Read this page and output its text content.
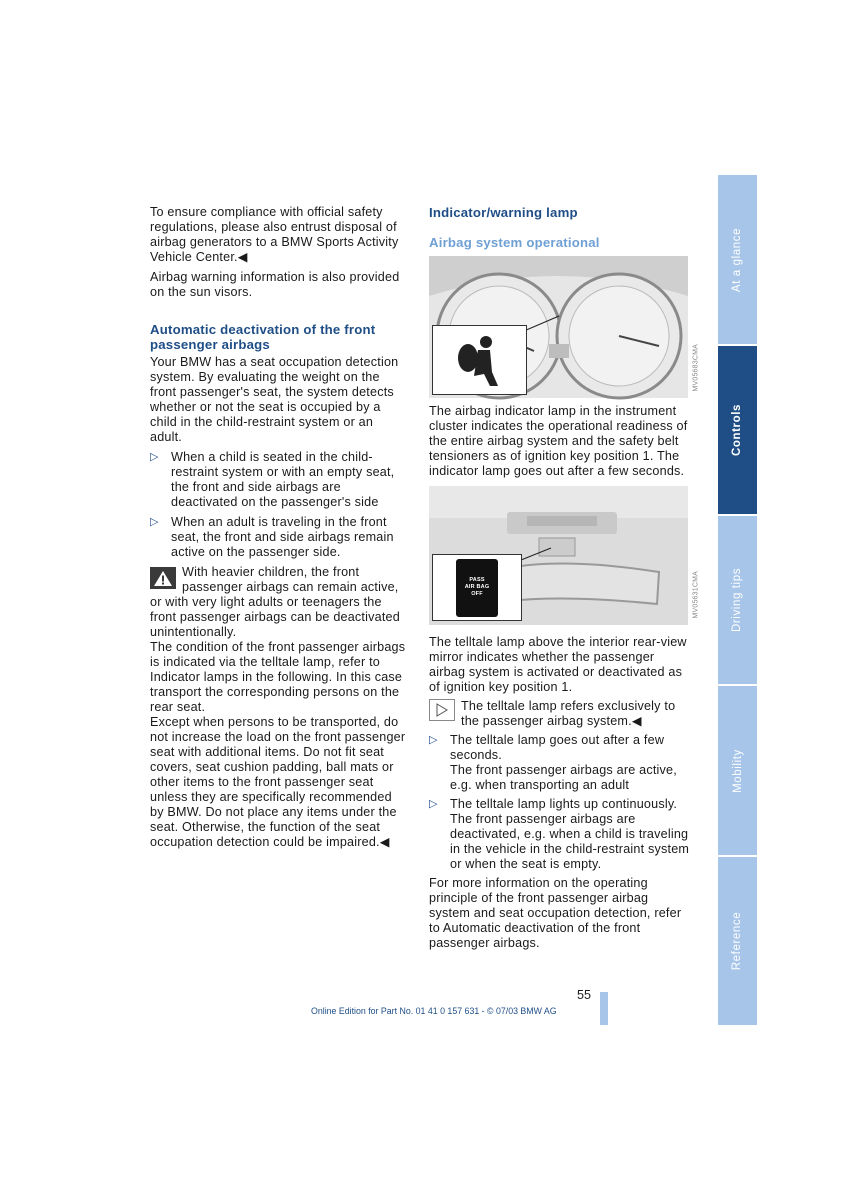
To ensure compliance with official safety regulations, please also entrust disposal of airbag generators to a BMW Sports Activity Vehicle Center.◀

Airbag warning information is also provided on the sun visors.

Automatic deactivation of the front passenger airbags

Your BMW has a seat occupation detection system. By evaluating the weight on the front passenger's seat, the system detects whether or not the seat is occupied by a child in the child-restraint system or an adult.

▷ When a child is seated in the child-restraint system or with an empty seat, the front and side airbags are deactivated on the passenger's side
▷ When an adult is traveling in the front seat, the front and side airbags remain active on the passenger side.
With heavier children, the front passenger airbags can remain active, or with very light adults or teenagers the front passenger airbags can be deactivated unintentionally.

The condition of the front passenger airbags is indicated via the telltale lamp, refer to Indicator lamps in the following. In this case transport the corresponding persons on the rear seat.

Except when persons to be transported, do not increase the load on the front passenger seat with additional items. Do not fit seat covers, seat cushion padding, ball mats or other items to the front passenger seat unless they are specifically recommended by BMW. Do not place any items under the seat. Otherwise, the function of the seat occupation detection could be impaired.◀

Indicator/warning lamp
Airbag system operational
MV05683CMA

The airbag indicator lamp in the instrument cluster indicates the operational readiness of the entire airbag system and the safety belt tensioners as of ignition key position 1. The indicator lamp goes out after a few seconds.

PASS
AIR BAG
OFF	MV05631CMA

The telltale lamp above the interior rear-view mirror indicates whether the passenger airbag system is activated or deactivated as of ignition key position 1.

The telltale lamp refers exclusively to the passenger airbag system.◀
▷ The telltale lamp goes out after a few seconds.

The front passenger airbags are active, e.g. when transporting an adult

▷ The telltale lamp lights up continuously.

The front passenger airbags are deactivated, e.g. when a child is traveling in the vehicle in the child-restraint system or when the seat is empty.

For more information on the operating principle of the front passenger airbag system and seat occupation detection, refer to Automatic deactivation of the front passenger airbags.

At a glance
Controls
Driving tips
Mobility
Reference
55
Online Edition for Part No. 01 41 0 157 631 - © 07/03 BMW AG
